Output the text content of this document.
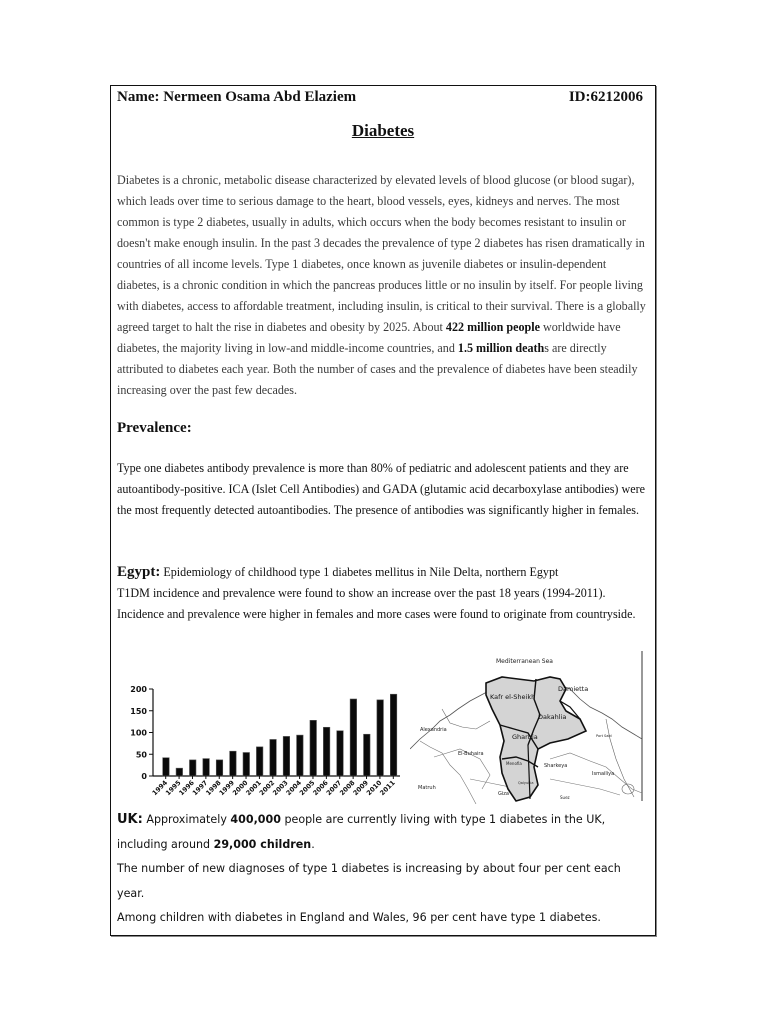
Name: Nermeen Osama Abd Elaziem	ID:6212006
Diabetes
Diabetes is a chronic, metabolic disease characterized by elevated levels of blood glucose (or blood sugar), which leads over time to serious damage to the heart, blood vessels, eyes, kidneys and nerves. The most common is type 2 diabetes, usually in adults, which occurs when the body becomes resistant to insulin or doesn't make enough insulin. In the past 3 decades the prevalence of type 2 diabetes has risen dramatically in countries of all income levels. Type 1 diabetes, once known as juvenile diabetes or insulin-dependent diabetes, is a chronic condition in which the pancreas produces little or no insulin by itself. For people living with diabetes, access to affordable treatment, including insulin, is critical to their survival. There is a globally agreed target to halt the rise in diabetes and obesity by 2025. About 422 million people worldwide have diabetes, the majority living in low-and middle-income countries, and 1.5 million deaths are directly attributed to diabetes each year. Both the number of cases and the prevalence of diabetes have been steadily increasing over the past few decades.
Prevalence:
Type one diabetes antibody prevalence is more than 80% of pediatric and adolescent patients and they are autoantibody-positive. ICA (Islet Cell Antibodies) and GADA (glutamic acid decarboxylase antibodies) were the most frequently detected autoantibodies. The presence of antibodies was significantly higher in females.
Egypt: Epidemiology of childhood type 1 diabetes mellitus in Nile Delta, northern Egypt
T1DM incidence and prevalence were found to show an increase over the past 18 years (1994-2011). Incidence and prevalence were higher in females and more cases were found to originate from countryside.
0
50
100
150
200
1994
1995
1996
1997
1998
1999
2000
2001
2002
2003
2004
2005
2006
2007
2008
2009
2010
2011
Mediterranean Sea
Kafr el-Sheikh
Damietta
Dakahlia
Alexandria
Gharbia
El-Buhaira
Menofia	Sharkeya
Ismailiya
Qalyubia
Matruh
Giza
Port Said
Suez
UK: Approximately 400,000 people are currently living with type 1 diabetes in the UK, including around 29,000 children.
The number of new diagnoses of type 1 diabetes is increasing by about four per cent each year.
Among children with diabetes in England and Wales, 96 per cent have type 1 diabetes.
